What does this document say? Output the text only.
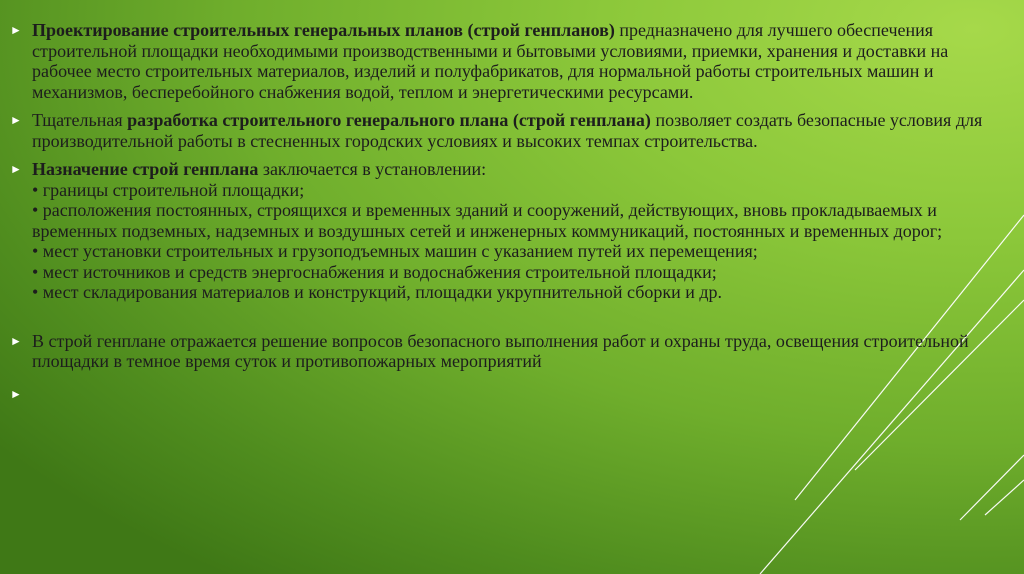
► Проектирование строительных генеральных планов (строй генпланов) предназначено для лучшего обеспечения строительной площадки необходимыми производственными и бытовыми условиями, приемки, хранения и доставки на рабочее место строительных материалов, изделий и полуфабрикатов, для нормальной работы строительных машин и механизмов, бесперебойного снабжения водой, теплом и энергетическими ресурсами.
► Тщательная разработка строительного генерального плана (строй генплана) позволяет создать безопасные условия для производительной работы в стесненных городских условиях и высоких темпах строительства.
► Назначение строй генплана заключается в установлении:
• границы строительной площадки;
• расположения постоянных, строящихся и временных зданий и сооружений, действующих, вновь прокладываемых и временных подземных, надземных и воздушных сетей и инженерных коммуникаций, постоянных и временных дорог;
• мест установки строительных и грузоподъемных машин с указанием путей их перемещения;
• мест источников и средств энергоснабжения и водоснабжения строительной площадки;
• мест складирования материалов и конструкций, площадки укрупнительной сборки и др.
► В строй генплане отражается решение вопросов безопасного выполнения работ и охраны труда, освещения строительной площадки в темное время суток и противопожарных мероприятий
►
